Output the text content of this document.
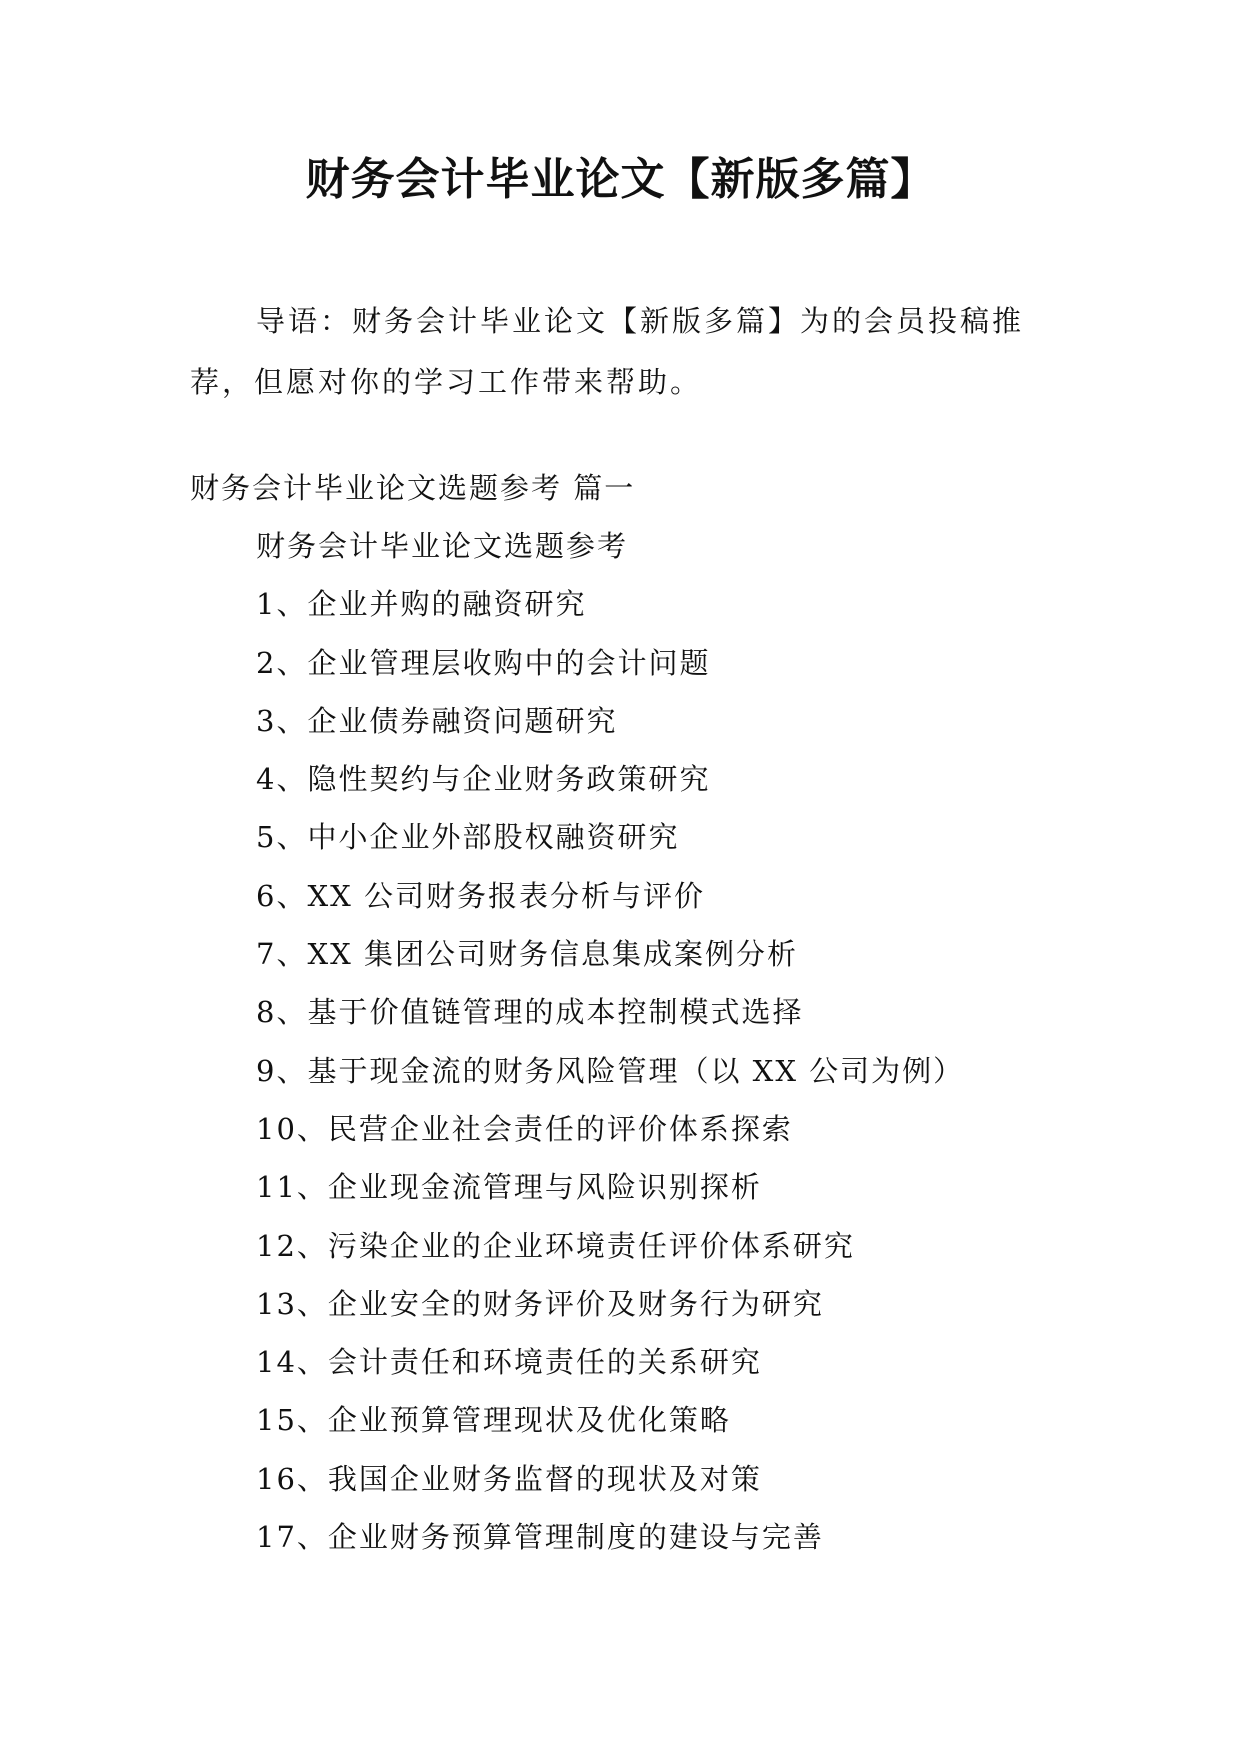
财务会计毕业论文【新版多篇】

导语：财务会计毕业论文【新版多篇】为的会员投稿推荐，但愿对你的学习工作带来帮助。

财务会计毕业论文选题参考 篇一

财务会计毕业论文选题参考
1、企业并购的融资研究
2、企业管理层收购中的会计问题
3、企业债券融资问题研究
4、隐性契约与企业财务政策研究
5、中小企业外部股权融资研究
6、XX 公司财务报表分析与评价
7、XX 集团公司财务信息集成案例分析
8、基于价值链管理的成本控制模式选择
9、基于现金流的财务风险管理（以 XX 公司为例）
10、民营企业社会责任的评价体系探索
11、企业现金流管理与风险识别探析
12、污染企业的企业环境责任评价体系研究
13、企业安全的财务评价及财务行为研究
14、会计责任和环境责任的关系研究
15、企业预算管理现状及优化策略
16、我国企业财务监督的现状及对策
17、企业财务预算管理制度的建设与完善
